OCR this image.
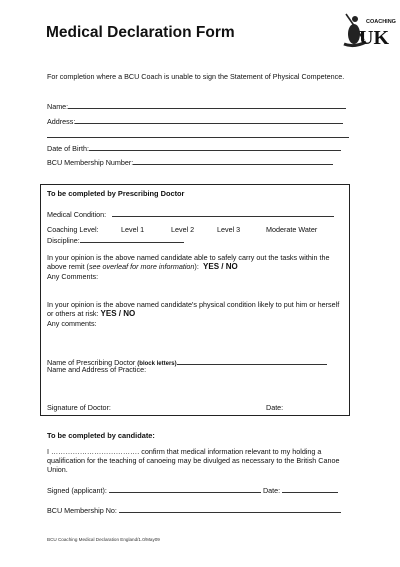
Medical Declaration Form
COACHING
UK
For completion where a BCU Coach is unable to sign the Statement of Physical Competence.
Name:
Address:
Date of Birth:
BCU Membership Number:
To be completed by Prescribing Doctor
Medical Condition:
Coaching Level:	Level 1	Level 2	Level 3	Moderate Water
Discipline:
In your opinion is the above named candidate able to safely carry out the tasks within the above remit (see overleaf for more information): YES / NO
Any Comments:
In your opinion is the above named candidate's physical condition likely to put him or herself or others at risk: YES / NO
Any comments:
Name of Prescribing Doctor (block letters)
Name and Address of Practice:
Signature of Doctor:	Date:
To be completed by candidate:
I ………………………………. confirm that medical information relevant to my holding a qualification for the teaching of canoeing may be divulged as necessary to the British Canoe Union.
Signed (applicant):	Date:
BCU Membership No:
BCU Coaching Medical Declaration England/1.0/May09
